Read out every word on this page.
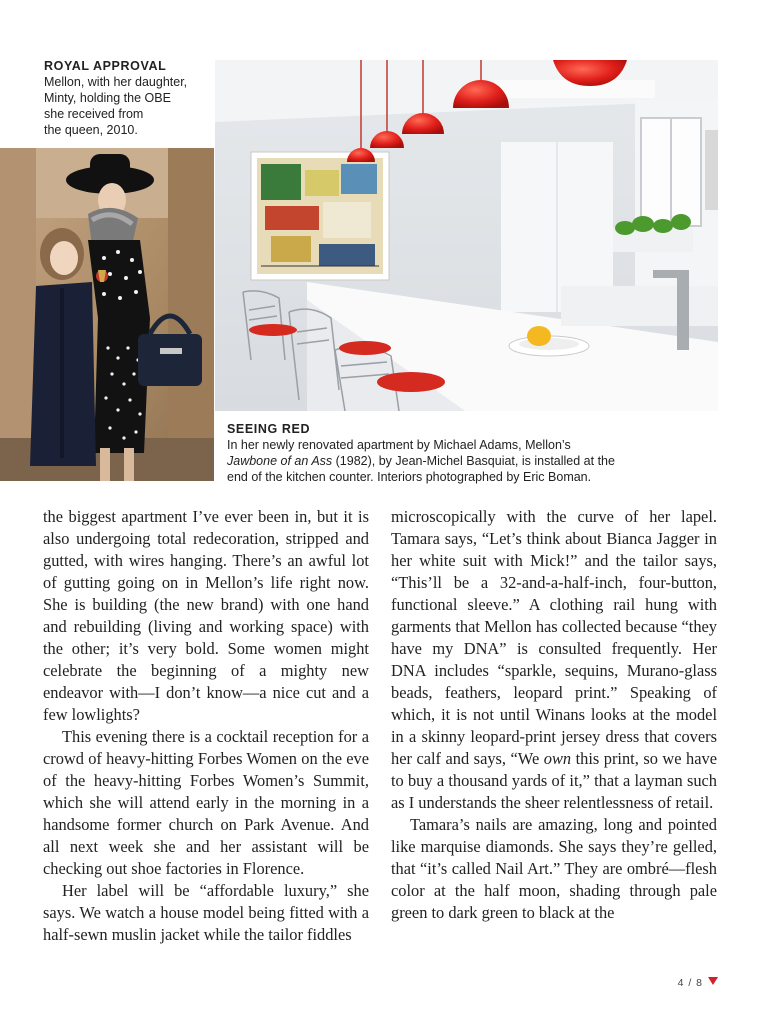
ROYAL APPROVAL
Mellon, with her daughter,
Minty, holding the OBE
she received from
the queen, 2010.
SEEING RED
In her newly renovated apartment by Michael Adams, Mellon’s
Jawbone of an Ass (1982), by Jean-Michel Basquiat, is installed at the
end of the kitchen counter. Interiors photographed by Eric Boman.

the biggest apartment I’ve ever been in, but it is also undergoing total redecoration, stripped and gutted, with wires hanging. There’s an awful lot of gutting going on in Mellon’s life right now. She is building (the new brand) with one hand and rebuilding (living and working space) with the other; it’s very bold. Some women might celebrate the beginning of a mighty new endeavor with—I don’t know—a nice cut and a few lowlights?

This evening there is a cocktail reception for a crowd of heavy-hitting Forbes Women on the eve of the heavy-hitting Forbes Women’s Summit, which she will attend early in the morning in a handsome former church on Park Avenue. And all next week she and her assistant will be checking out shoe factories in Florence.

Her label will be “affordable luxury,” she says. We watch a house model being fitted with a half-sewn muslin jacket while the tailor fiddles

microscopically with the curve of her lapel. Tamara says, “Let’s think about Bianca Jagger in her white suit with Mick!” and the tailor says, “This’ll be a 32-and-a-half-inch, four-button, functional sleeve.” A clothing rail hung with garments that Mellon has collected because “they have my DNA” is consulted frequently. Her DNA includes “sparkle, sequins, Murano-glass beads, feathers, leopard print.” Speaking of which, it is not until Winans looks at the model in a skinny leopard-print jersey dress that covers her calf and says, “We own this print, so we have to buy a thousand yards of it,” that a layman such as I understands the sheer relentlessness of retail.

Tamara’s nails are amazing, long and pointed like marquise diamonds. She says they’re gelled, that “it’s called Nail Art.” They are ombré—flesh color at the half moon, shading through pale green to dark green to black at the

4 / 8
